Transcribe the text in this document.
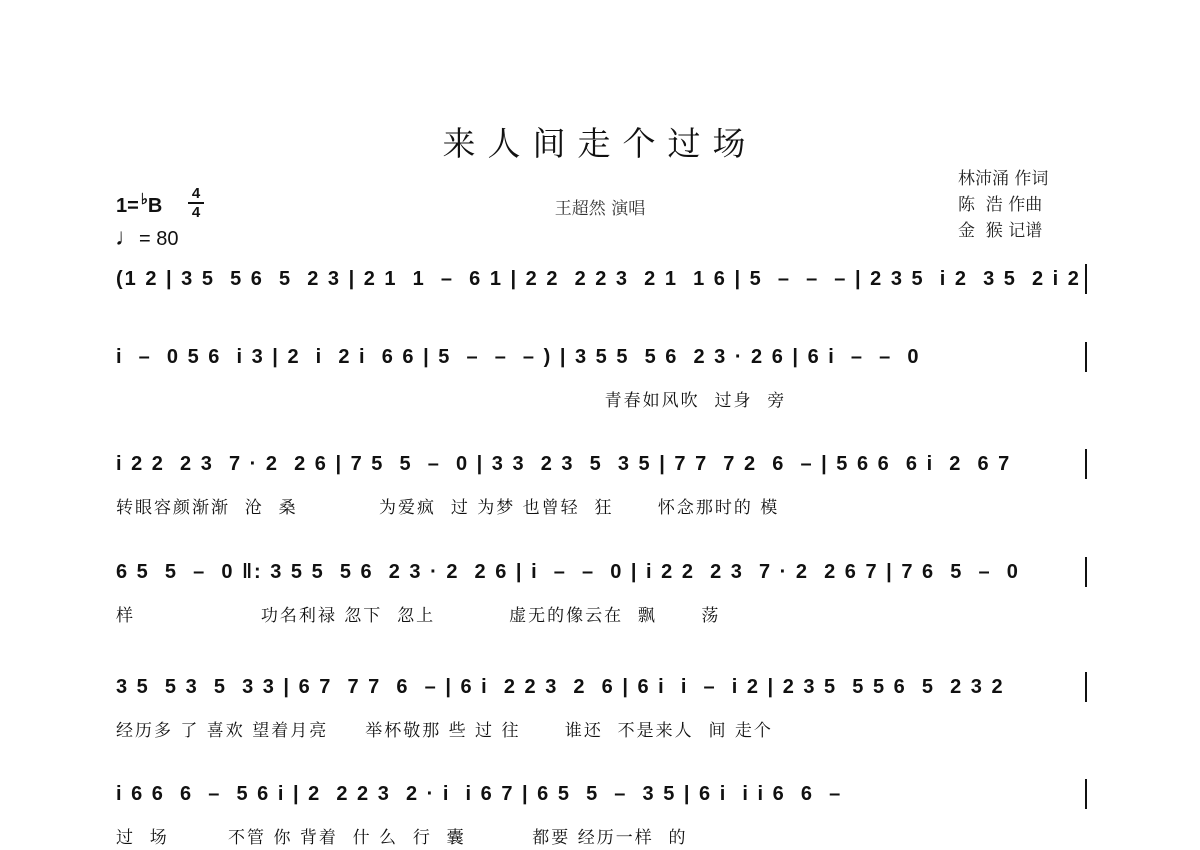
来人间走个过场
王超然 演唱
林沛涌 作词
陈  浩 作曲
金  猴 记谱
1= ♭B
4
4
♩= 80
(1 2 | 3 5  5 6  5  2 3 | 2 1  1  –  6 1 | 2 2  2 2 3  2 1  1 6 | 5  –  –  – | 2 3 5  i 2  3 5  2 i 2
i  –  0 5 6  i 3 | 2  i  2 i  6 6 | 5  –  –  – ) | 3 5 5  5 6  2 3 · 2 6 | 6 i  –  –  0
青春如风吹  过身  旁
i 2 2  2 3  7 · 2  2 6 | 7 5  5  –  0 | 3 3  2 3  5  3 5 | 7 7  7 2  6  – | 5 6 6  6 i  2  6 7
转眼容颜渐渐  沧  桑           为爱疯  过 为梦 也曾轻  狂      怀念那时的 模
6 5  5  –  0 ‖: 3 5 5  5 6  2 3 · 2  2 6 | i  –  –  0 | i 2 2  2 3  7 · 2  2 6 7 | 7 6  5  –  0
样                 功名利禄 忽下  忽上          虚无的像云在  飘      荡
3 5  5 3  5  3 3 | 6 7  7 7  6  – | 6 i  2 2 3  2  6 | 6 i  i  –  i 2 | 2 3 5  5 5 6  5  2 3 2
经历多 了 喜欢 望着月亮     举杯敬那 些 过 往      谁还  不是来人  间 走个
i 6 6  6  –  5 6 i | 2  2 2 3  2 · i  i 6 7 | 6 5  5  –  3 5 | 6 i  i i 6  6  –
过  场        不管 你 背着  什 么  行  囊         都要 经历一样  的
